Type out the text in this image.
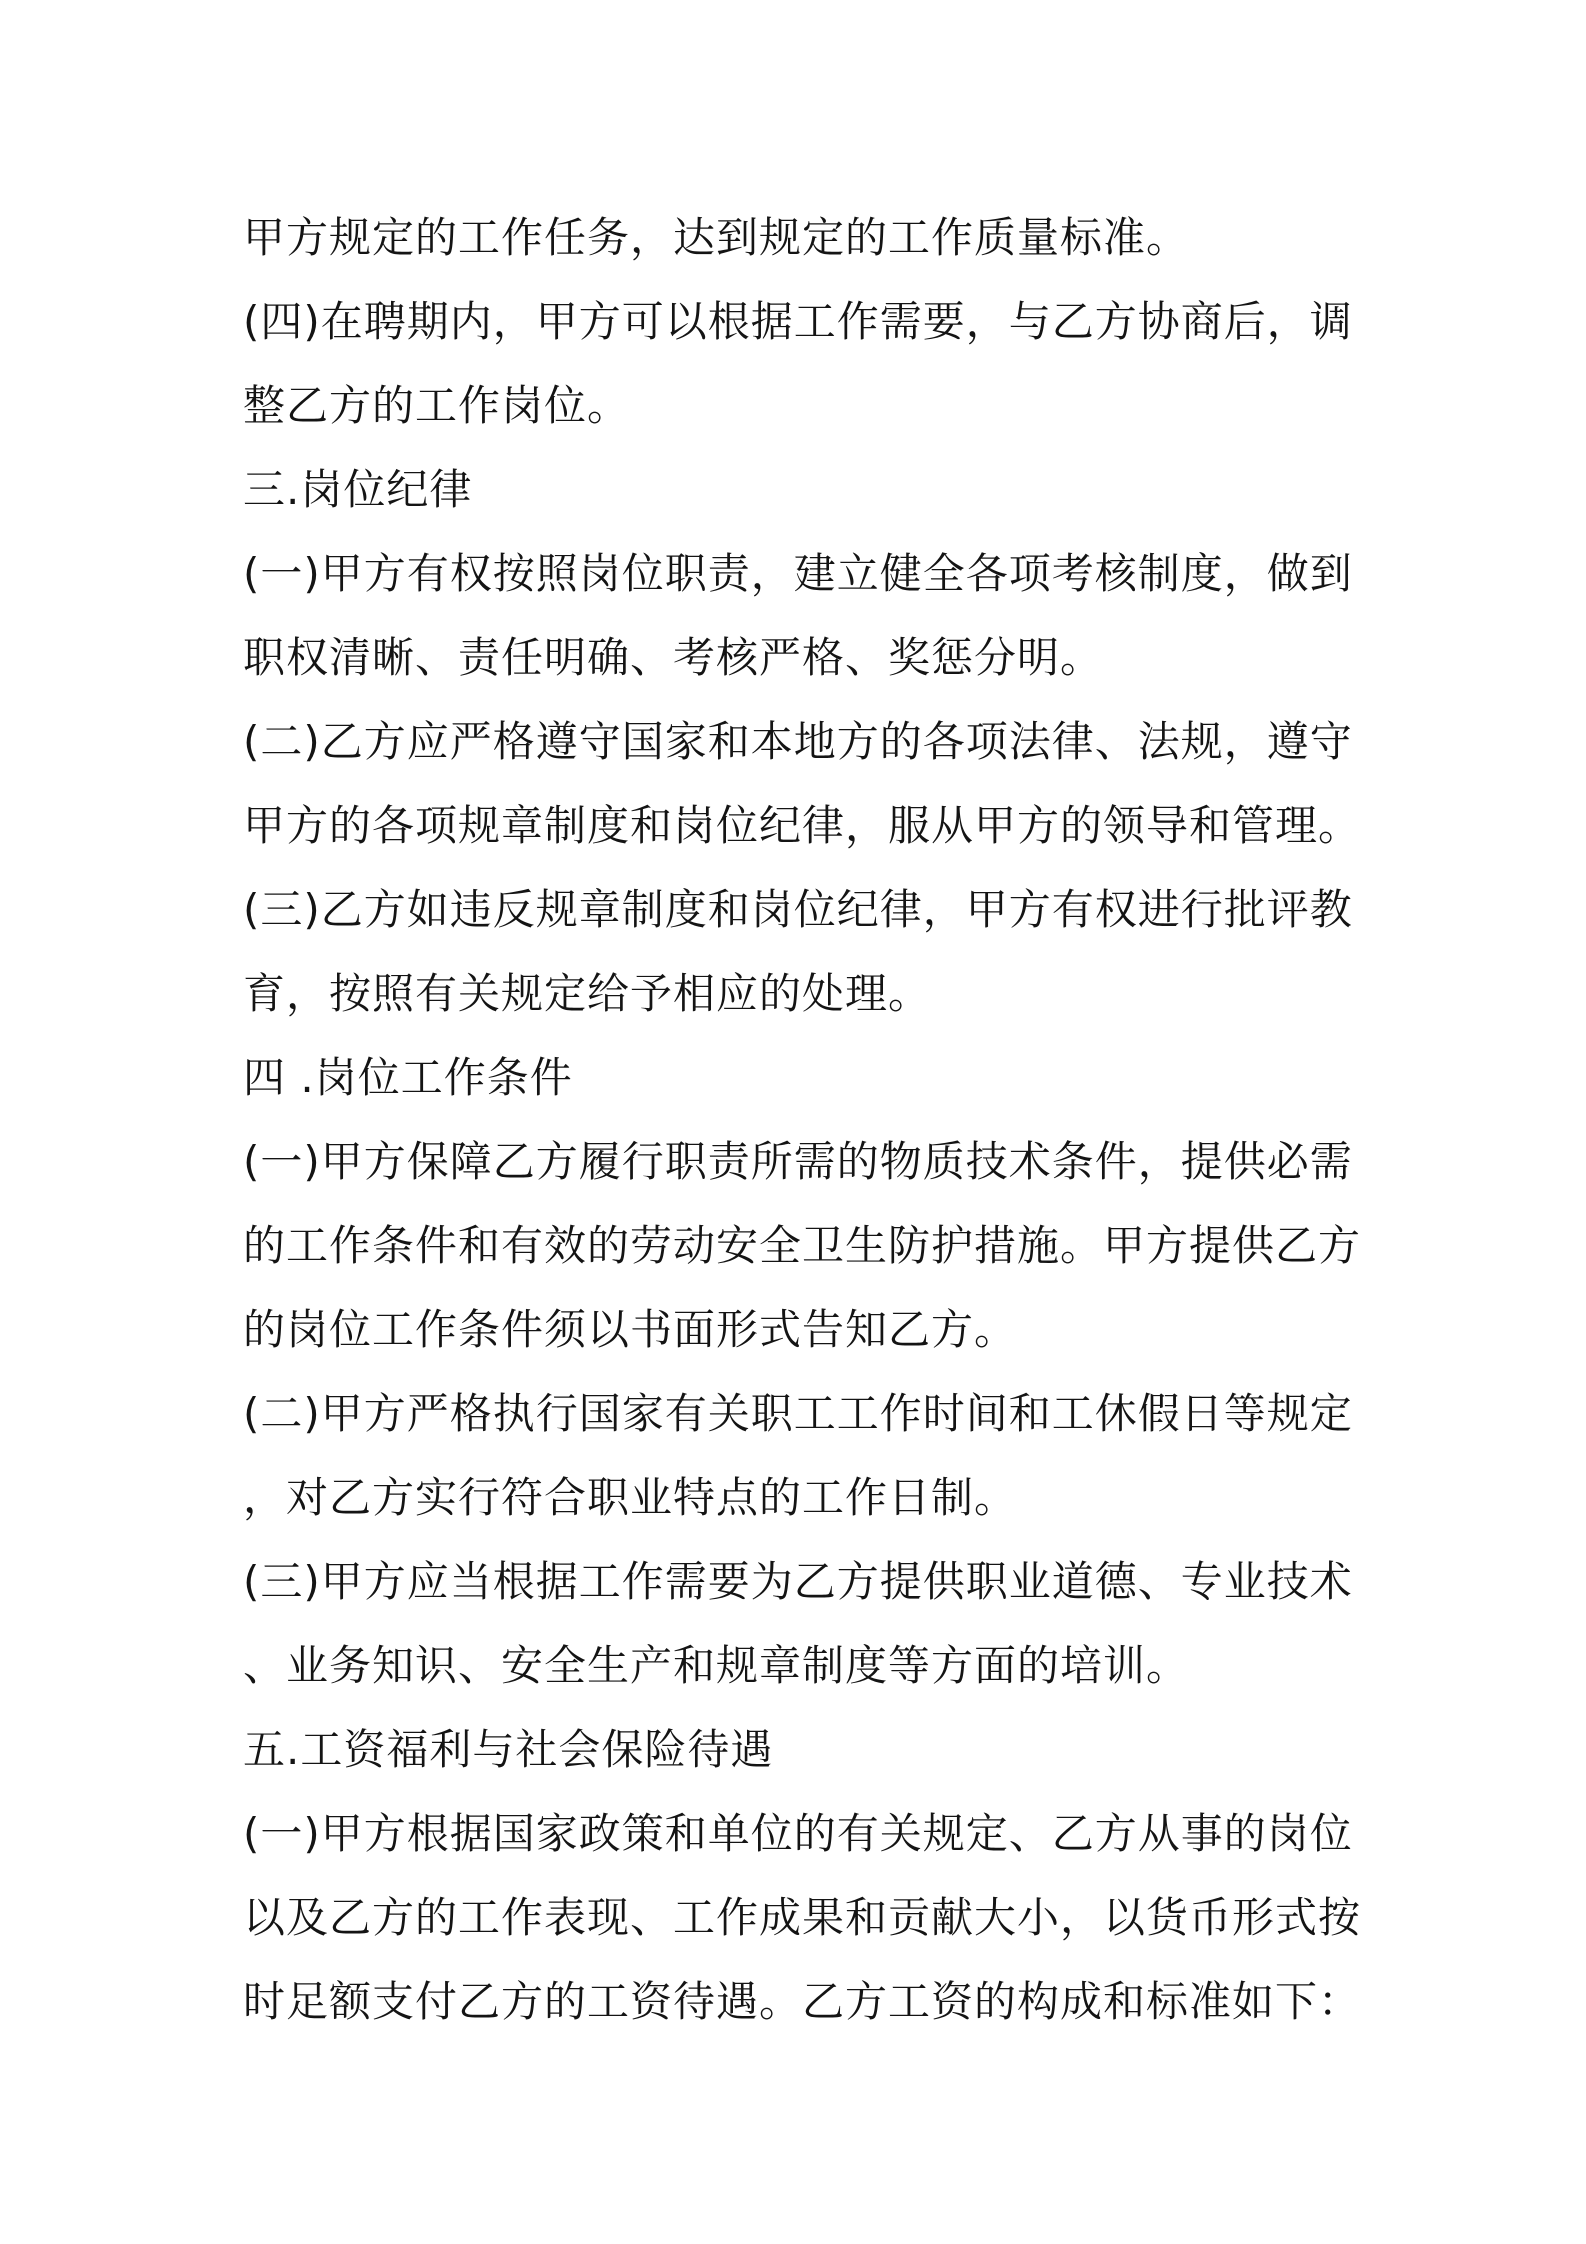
甲方规定的工作任务，达到规定的工作质量标准。
(四)在聘期内，甲方可以根据工作需要，与乙方协商后，调
整乙方的工作岗位。
三.岗位纪律
(一)甲方有权按照岗位职责，建立健全各项考核制度，做到
职权清晰、责任明确、考核严格、奖惩分明。
(二)乙方应严格遵守国家和本地方的各项法律、法规，遵守
甲方的各项规章制度和岗位纪律，服从甲方的领导和管理。
(三)乙方如违反规章制度和岗位纪律，甲方有权进行批评教
育，按照有关规定给予相应的处理。
四 .岗位工作条件
(一)甲方保障乙方履行职责所需的物质技术条件，提供必需
的工作条件和有效的劳动安全卫生防护措施。甲方提供乙方
的岗位工作条件须以书面形式告知乙方。
(二)甲方严格执行国家有关职工工作时间和工休假日等规定
，对乙方实行符合职业特点的工作日制。
(三)甲方应当根据工作需要为乙方提供职业道德、专业技术
、业务知识、安全生产和规章制度等方面的培训。
五.工资福利与社会保险待遇
(一)甲方根据国家政策和单位的有关规定、乙方从事的岗位
以及乙方的工作表现、工作成果和贡献大小，以货币形式按
时足额支付乙方的工资待遇。乙方工资的构成和标准如下：
